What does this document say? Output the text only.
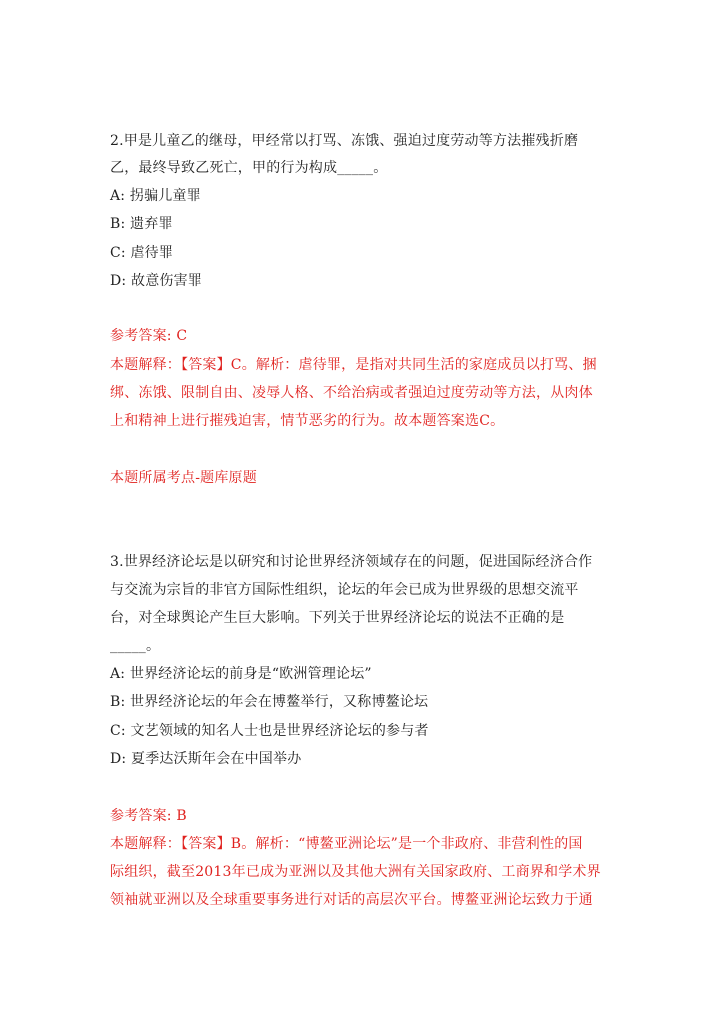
2.甲是儿童乙的继母，甲经常以打骂、冻饿、强迫过度劳动等方法摧残折磨
乙，最终导致乙死亡，甲的行为构成_____。
A: 拐骗儿童罪
B: 遗弃罪
C: 虐待罪
D: 故意伤害罪
参考答案: C
本题解释：【答案】C。解析：虐待罪，是指对共同生活的家庭成员以打骂、捆
绑、冻饿、限制自由、凌辱人格、不给治病或者强迫过度劳动等方法，从肉体
上和精神上进行摧残迫害，情节恶劣的行为。故本题答案选C。
本题所属考点-题库原题
3.世界经济论坛是以研究和讨论世界经济领域存在的问题，促进国际经济合作
与交流为宗旨的非官方国际性组织，论坛的年会已成为世界级的思想交流平
台，对全球舆论产生巨大影响。下列关于世界经济论坛的说法不正确的是
_____。
A: 世界经济论坛的前身是“欧洲管理论坛”
B: 世界经济论坛的年会在博鳌举行，又称博鳌论坛
C: 文艺领域的知名人士也是世界经济论坛的参与者
D: 夏季达沃斯年会在中国举办
参考答案: B
本题解释：【答案】B。解析：“博鳌亚洲论坛”是一个非政府、非营利性的国
际组织，截至2013年已成为亚洲以及其他大洲有关国家政府、工商界和学术界
领袖就亚洲以及全球重要事务进行对话的高层次平台。博鳌亚洲论坛致力于通
